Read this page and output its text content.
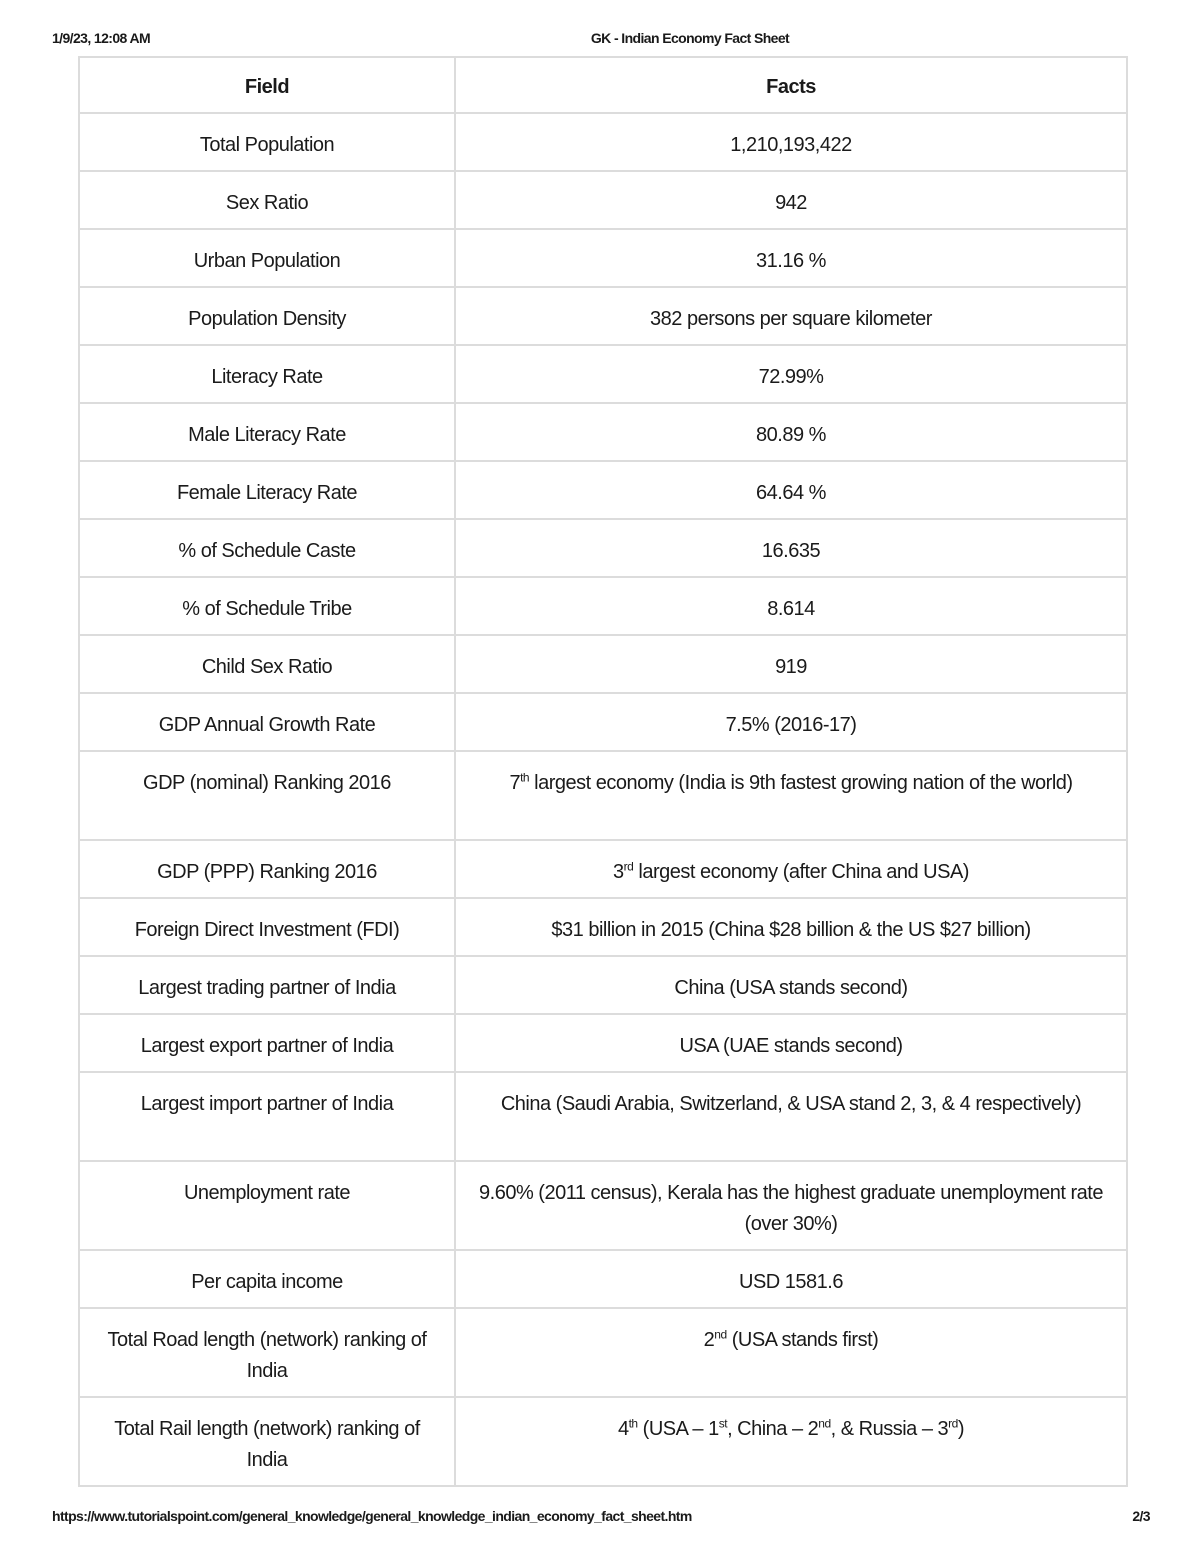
1/9/23, 12:08 AM	GK - Indian Economy Fact Sheet
Field	Facts
Total Population	1,210,193,422
Sex Ratio	942
Urban Population	31.16 %
Population Density	382 persons per square kilometer
Literacy Rate	72.99%
Male Literacy Rate	80.89 %
Female Literacy Rate	64.64 %
% of Schedule Caste	16.635
% of Schedule Tribe	8.614
Child Sex Ratio	919
GDP Annual Growth Rate	7.5% (2016-17)
GDP (nominal) Ranking 2016	7th largest economy (India is 9th fastest growing nation of the world)
GDP (PPP) Ranking 2016	3rd largest economy (after China and USA)
Foreign Direct Investment (FDI)	$31 billion in 2015 (China $28 billion & the US $27 billion)
Largest trading partner of India	China (USA stands second)
Largest export partner of India	USA (UAE stands second)
Largest import partner of India	China (Saudi Arabia, Switzerland, & USA stand 2, 3, & 4 respectively)
Unemployment rate	9.60% (2011 census), Kerala has the highest graduate unemployment rate (over 30%)
Per capita income	USD 1581.6
Total Road length (network) ranking of India	2nd (USA stands first)
Total Rail length (network) ranking of India	4th (USA – 1st, China – 2nd, & Russia – 3rd)
https://www.tutorialspoint.com/general_knowledge/general_knowledge_indian_economy_fact_sheet.htm	2/3
